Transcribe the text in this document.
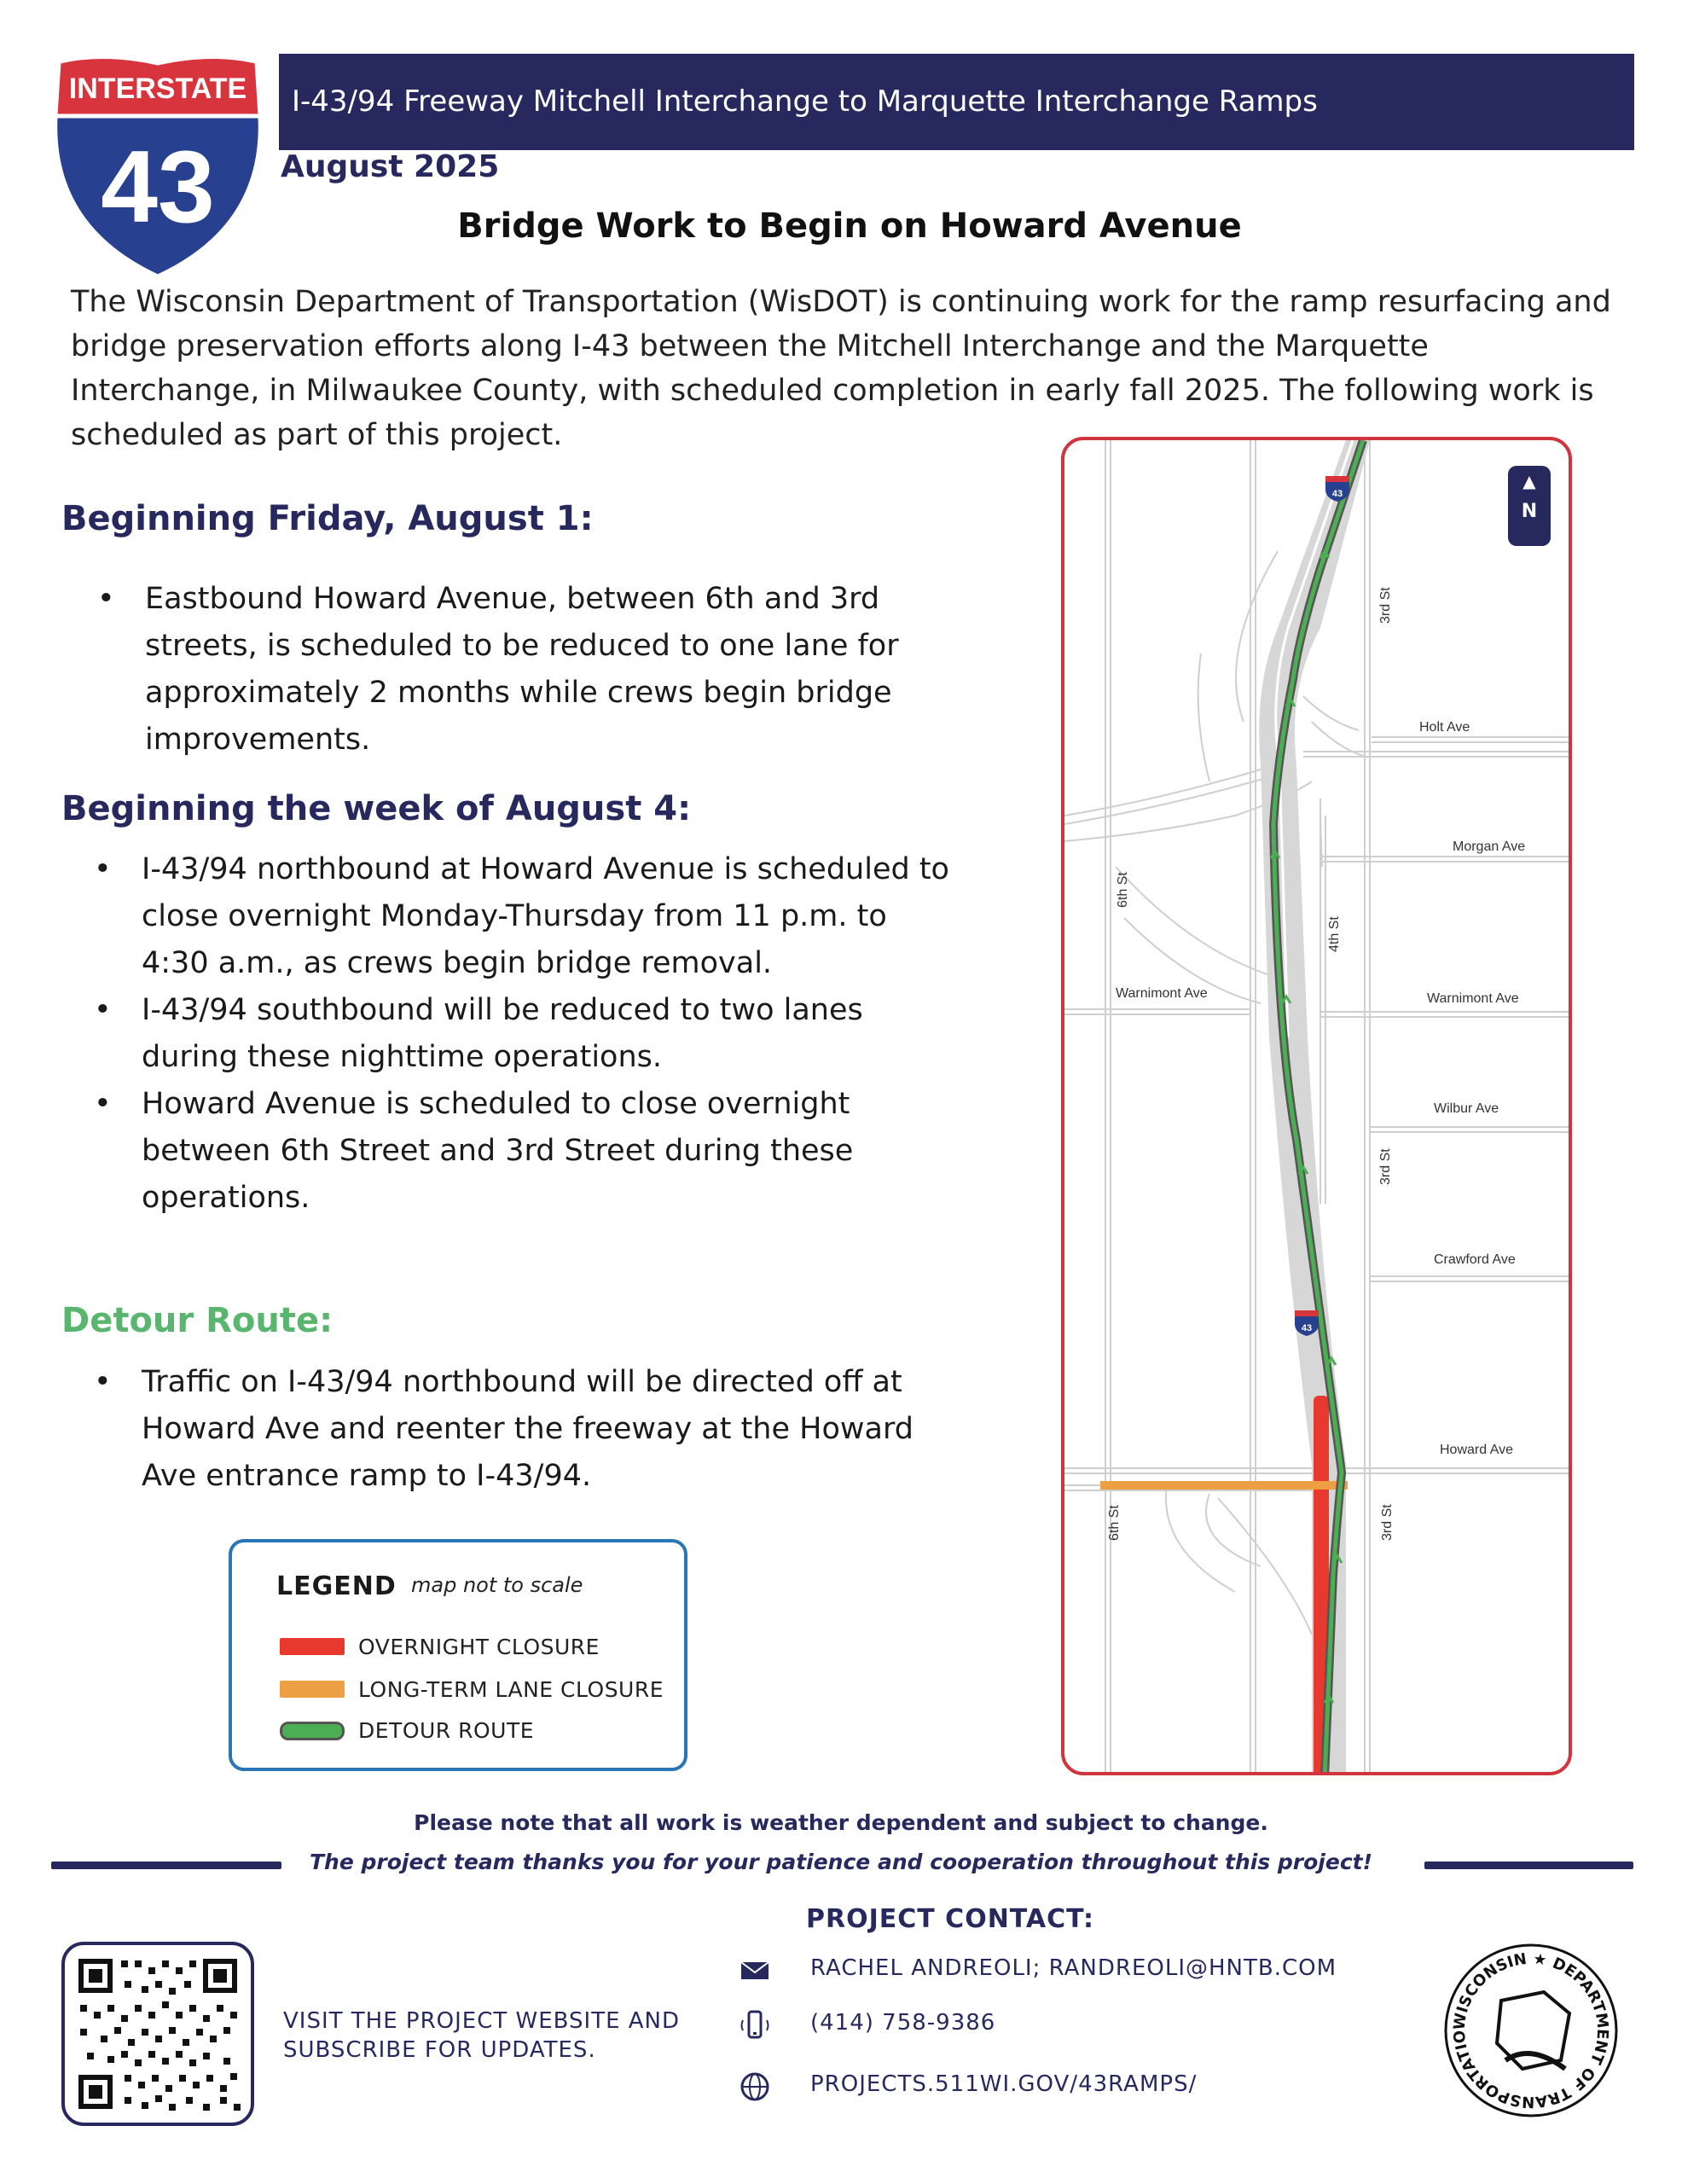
INTERSTATE
43
I-43/94 Freeway Mitchell Interchange to Marquette Interchange Ramps
August 2025
Bridge Work to Begin on Howard Avenue
The Wisconsin Department of Transportation (WisDOT) is continuing work for the ramp resurfacing and bridge preservation efforts along I-43 between the Mitchell Interchange and the Marquette Interchange, in Milwaukee County, with scheduled completion in early fall 2025. The following work is scheduled as part of this project.
Beginning Friday, August 1:
• Eastbound Howard Avenue, between 6th and 3rd streets, is scheduled to be reduced to one lane for approximately 2 months while crews begin bridge improvements.
Beginning the week of August 4:
• I-43/94 northbound at Howard Avenue is scheduled to close overnight Monday-Thursday from 11 p.m. to 4:30 a.m., as crews begin bridge removal.
• I-43/94 southbound will be reduced to two lanes during these nighttime operations.
• Howard Avenue is scheduled to close overnight between 6th Street and 3rd Street during these operations.
Detour Route:
• Traffic on I-43/94 northbound will be directed off at Howard Ave and reenter the freeway at the Howard Ave entrance ramp to I-43/94.
LEGEND map not to scale
OVERNIGHT CLOSURE
LONG-TERM LANE CLOSURE
DETOUR ROUTE
43
43
▲
N
3rd St
Holt Ave
Morgan Ave
6th St
4th St
Warnimont Ave	Warnimont Ave
Wilbur Ave
3rd St
Crawford Ave
Howard Ave
6th St	3rd St
Please note that all work is weather dependent and subject to change.
The project team thanks you for your patience and cooperation throughout this project!
VISIT THE PROJECT WEBSITE AND SUBSCRIBE FOR UPDATES.
PROJECT CONTACT:
RACHEL ANDREOLI; RANDREOLI@HNTB.COM
(414) 758-9386
PROJECTS.511WI.GOV/43RAMPS/
WISCONSIN ★ DEPARTMENT OF TRANSPORTATIO
